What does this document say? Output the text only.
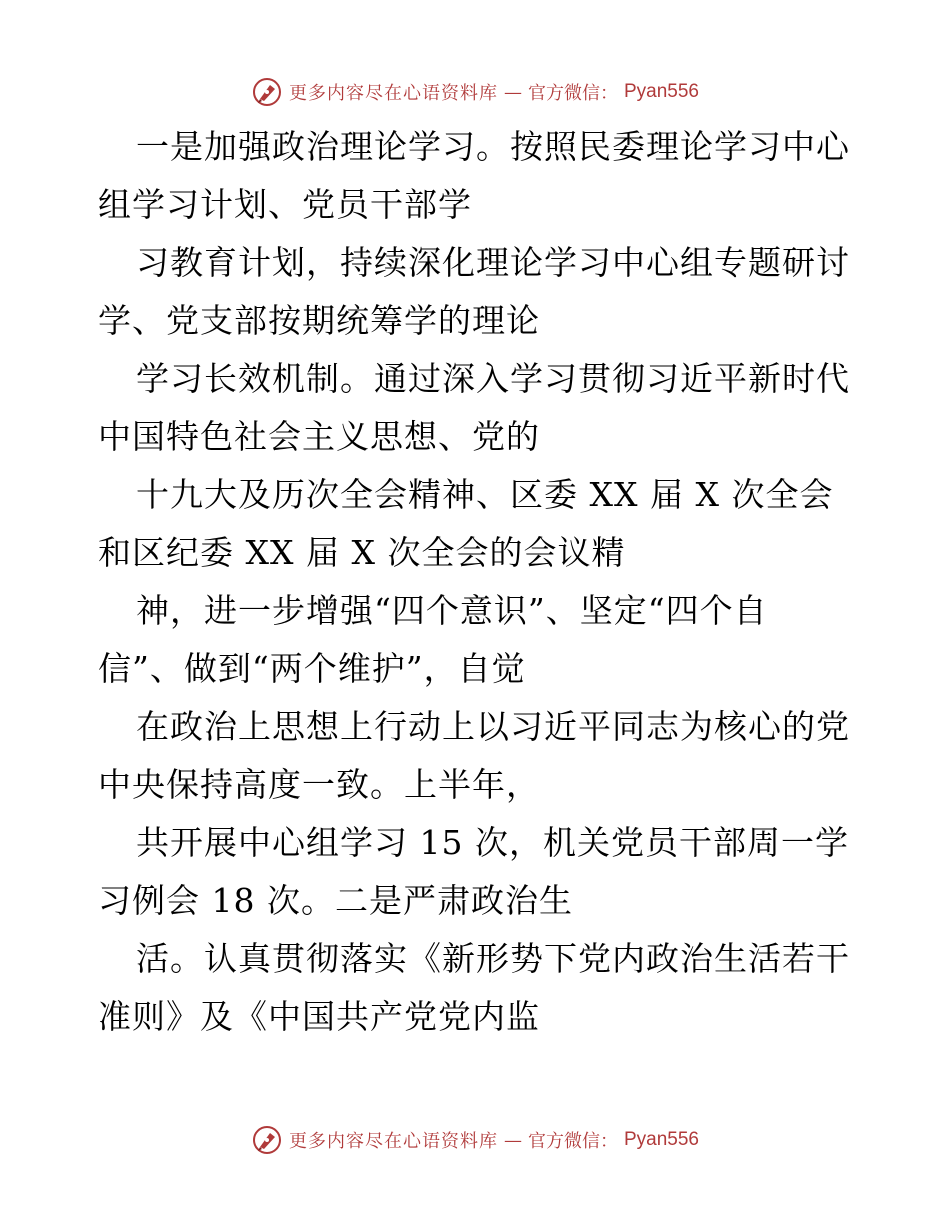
更多内容尽在心语资料库 — 官方微信： Pyan556
一是加强政治理论学习。按照民委理论学习中心
组学习计划、党员干部学
习教育计划，持续深化理论学习中心组专题研讨
学、党支部按期统筹学的理论
学习长效机制。通过深入学习贯彻习近平新时代
中国特色社会主义思想、党的
十九大及历次全会精神、区委 XX 届 X 次全会
和区纪委 XX 届 X 次全会的会议精
神，进一步增强“四个意识”、坚定“四个自
信”、做到“两个维护”，自觉
在政治上思想上行动上以习近平同志为核心的党
中央保持高度一致。上半年，
共开展中心组学习 15 次，机关党员干部周一学
习例会 18 次。二是严肃政治生
活。认真贯彻落实《新形势下党内政治生活若干
准则》及《中国共产党党内监
更多内容尽在心语资料库 — 官方微信： Pyan556
